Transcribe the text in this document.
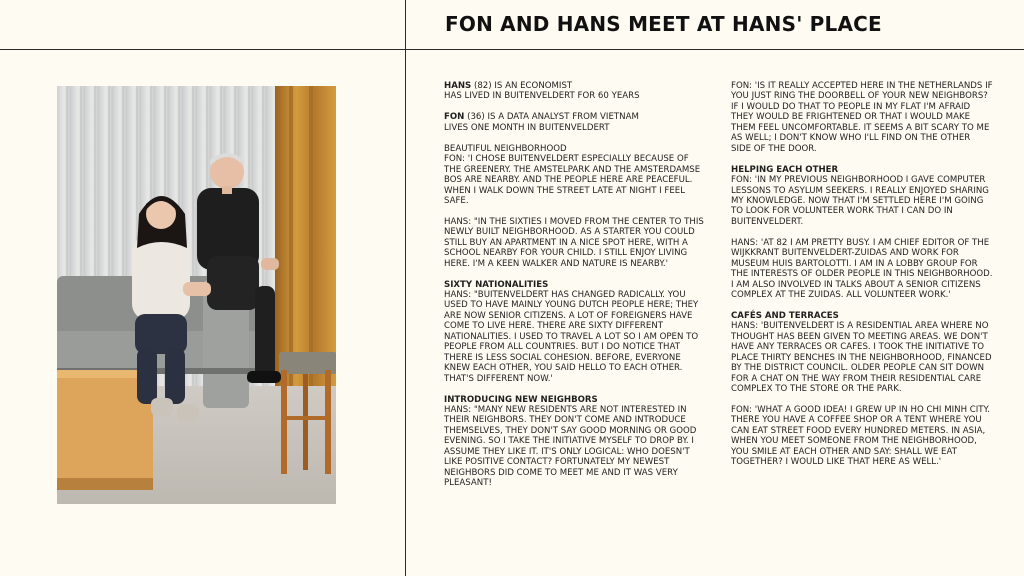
FON AND HANS MEET AT HANS' PLACE

HANS (82) IS AN ECONOMIST
HAS LIVED IN BUITENVELDERT FOR 60 YEARS

FON (36) IS A DATA ANALYST FROM VIETNAM
LIVES ONE MONTH IN BUITENVELDERT

BEAUTIFUL NEIGHBORHOOD
FON: 'I CHOSE BUITENVELDERT ESPECIALLY BECAUSE OF THE GREENERY. THE AMSTELPARK AND THE AMSTERDAMSE BOS ARE NEARBY. AND THE PEOPLE HERE ARE PEACEFUL. WHEN I WALK DOWN THE STREET LATE AT NIGHT I FEEL SAFE.

HANS: "IN THE SIXTIES I MOVED FROM THE CENTER TO THIS NEWLY BUILT NEIGHBORHOOD. AS A STARTER YOU COULD STILL BUY AN APARTMENT IN A NICE SPOT HERE, WITH A SCHOOL NEARBY FOR YOUR CHILD. I STILL ENJOY LIVING HERE. I'M A KEEN WALKER AND NATURE IS NEARBY.'

SIXTY NATIONALITIES

HANS: "BUITENVELDERT HAS CHANGED RADICALLY. YOU USED TO HAVE MAINLY YOUNG DUTCH PEOPLE HERE; THEY ARE NOW SENIOR CITIZENS. A LOT OF FOREIGNERS HAVE COME TO LIVE HERE. THERE ARE SIXTY DIFFERENT NATIONALITIES. I USED TO TRAVEL A LOT SO I AM OPEN TO PEOPLE FROM ALL COUNTRIES. BUT I DO NOTICE THAT THERE IS LESS SOCIAL COHESION. BEFORE, EVERYONE KNEW EACH OTHER, YOU SAID HELLO TO EACH OTHER. THAT'S DIFFERENT NOW.'

INTRODUCING NEW NEIGHBORS

HANS: "MANY NEW RESIDENTS ARE NOT INTERESTED IN THEIR NEIGHBORS. THEY DON'T COME AND INTRODUCE THEMSELVES, THEY DON'T SAY GOOD MORNING OR GOOD EVENING. SO I TAKE THE INITIATIVE MYSELF TO DROP BY. I ASSUME THEY LIKE IT. IT'S ONLY LOGICAL: WHO DOESN'T LIKE POSITIVE CONTACT? FORTUNATELY MY NEWEST NEIGHBORS DID COME TO MEET ME AND IT WAS VERY PLEASANT!

FON: 'IS IT REALLY ACCEPTED HERE IN THE NETHERLANDS IF YOU JUST RING THE DOORBELL OF YOUR NEW NEIGHBORS? IF I WOULD DO THAT TO PEOPLE IN MY FLAT I'M AFRAID THEY WOULD BE FRIGHTENED OR THAT I WOULD MAKE THEM FEEL UNCOMFORTABLE. IT SEEMS A BIT SCARY TO ME AS WELL; I DON'T KNOW WHO I'LL FIND ON THE OTHER SIDE OF THE DOOR.

HELPING EACH OTHER

FON: 'IN MY PREVIOUS NEIGHBORHOOD I GAVE COMPUTER LESSONS TO ASYLUM SEEKERS. I REALLY ENJOYED SHARING MY KNOWLEDGE. NOW THAT I'M SETTLED HERE I'M GOING TO LOOK FOR VOLUNTEER WORK THAT I CAN DO IN BUITENVELDERT.

HANS: 'AT 82 I AM PRETTY BUSY. I AM CHIEF EDITOR OF THE WIJKKRANT BUITENVELDERT-ZUIDAS AND WORK FOR MUSEUM HUIS BARTOLOTTI. I AM IN A LOBBY GROUP FOR THE INTERESTS OF OLDER PEOPLE IN THIS NEIGHBORHOOD. I AM ALSO INVOLVED IN TALKS ABOUT A SENIOR CITIZENS COMPLEX AT THE ZUIDAS. ALL VOLUNTEER WORK.'

CAFÉS AND TERRACES

HANS: 'BUITENVELDERT IS A RESIDENTIAL AREA WHERE NO THOUGHT HAS BEEN GIVEN TO MEETING AREAS. WE DON'T HAVE ANY TERRACES OR CAFES. I TOOK THE INITIATIVE TO PLACE THIRTY BENCHES IN THE NEIGHBORHOOD, FINANCED BY THE DISTRICT COUNCIL. OLDER PEOPLE CAN SIT DOWN FOR A CHAT ON THE WAY FROM THEIR RESIDENTIAL CARE COMPLEX TO THE STORE OR THE PARK.

FON: 'WHAT A GOOD IDEA! I GREW UP IN HO CHI MINH CITY. THERE YOU HAVE A COFFEE SHOP OR A TENT WHERE YOU CAN EAT STREET FOOD EVERY HUNDRED METERS. IN ASIA, WHEN YOU MEET SOMEONE FROM THE NEIGHBORHOOD, YOU SMILE AT EACH OTHER AND SAY: SHALL WE EAT TOGETHER? I WOULD LIKE THAT HERE AS WELL.'
